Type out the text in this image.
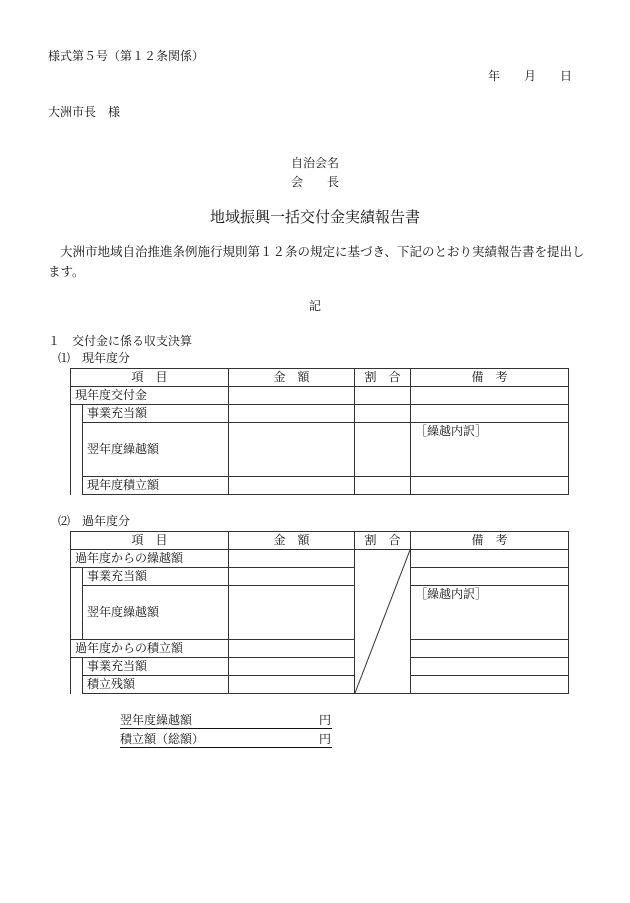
様式第５号（第１２条関係）
年　　月　　日
大洲市長　様
自治会名
会　　長
地域振興一括交付金実績報告書
大洲市地域自治推進条例施行規則第１２条の規定に基づき、下記のとおり実績報告書を提出します。
記
１　交付金に係る収支決算
⑴　現年度分
項　目		金　額	割　合	備　考
現年度交付金				
	事業充当額			
	翌年度繰越額			［繰越内訳］
	現年度積立額			
⑵　過年度分
項　目		金　額	割　合	備　考
過年度からの繰越額		

	事業充当額			
	翌年度繰越額			［繰越内訳］
過年度からの積立額				
	事業充当額			
	積立残額			
翌年度繰越額	円
積立額（総額）	円
